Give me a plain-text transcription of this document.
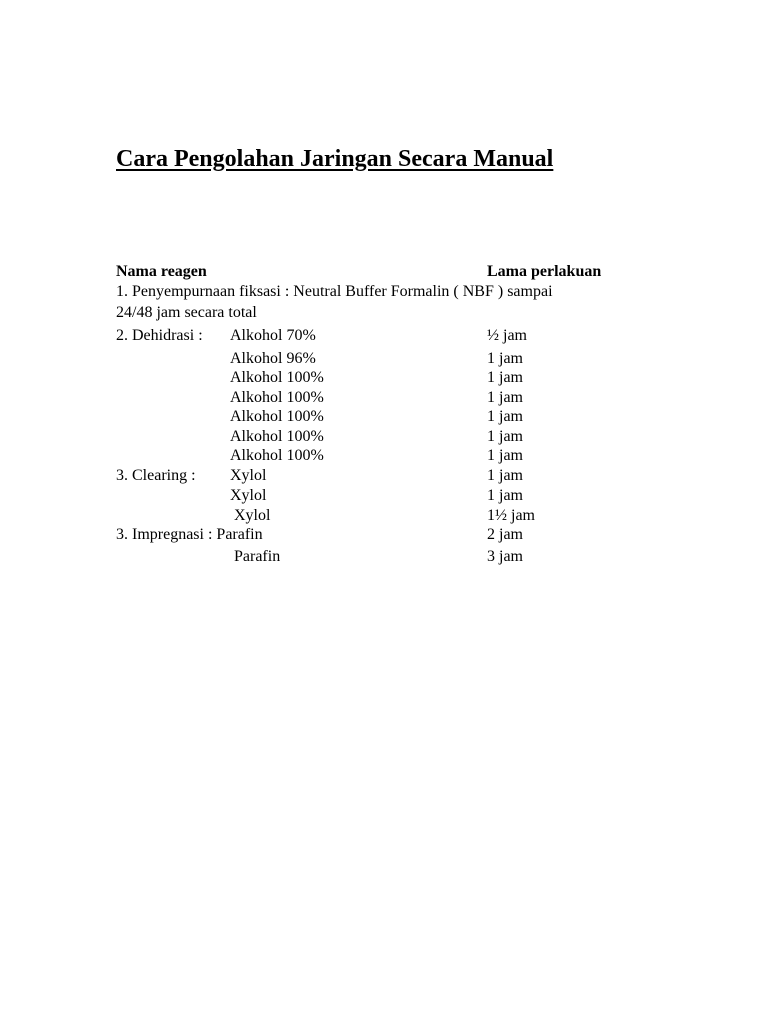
Cara Pengolahan Jaringan Secara Manual
Nama reagen	Lama perlakuan
1. Penyempurnaan fiksasi : Neutral Buffer Formalin ( NBF ) sampai
24/48 jam secara total
2. Dehidrasi : Alkohol 70%	½ jam
Alkohol 96%	1 jam
Alkohol 100%	1 jam
Alkohol 100%	1 jam
Alkohol 100%	1 jam
Alkohol 100%	1 jam
Alkohol 100%	1 jam
3. Clearing : Xylol	1 jam
Xylol	1 jam
Xylol	1½ jam
3. Impregnasi : Parafin	2 jam
Parafin	3 jam
